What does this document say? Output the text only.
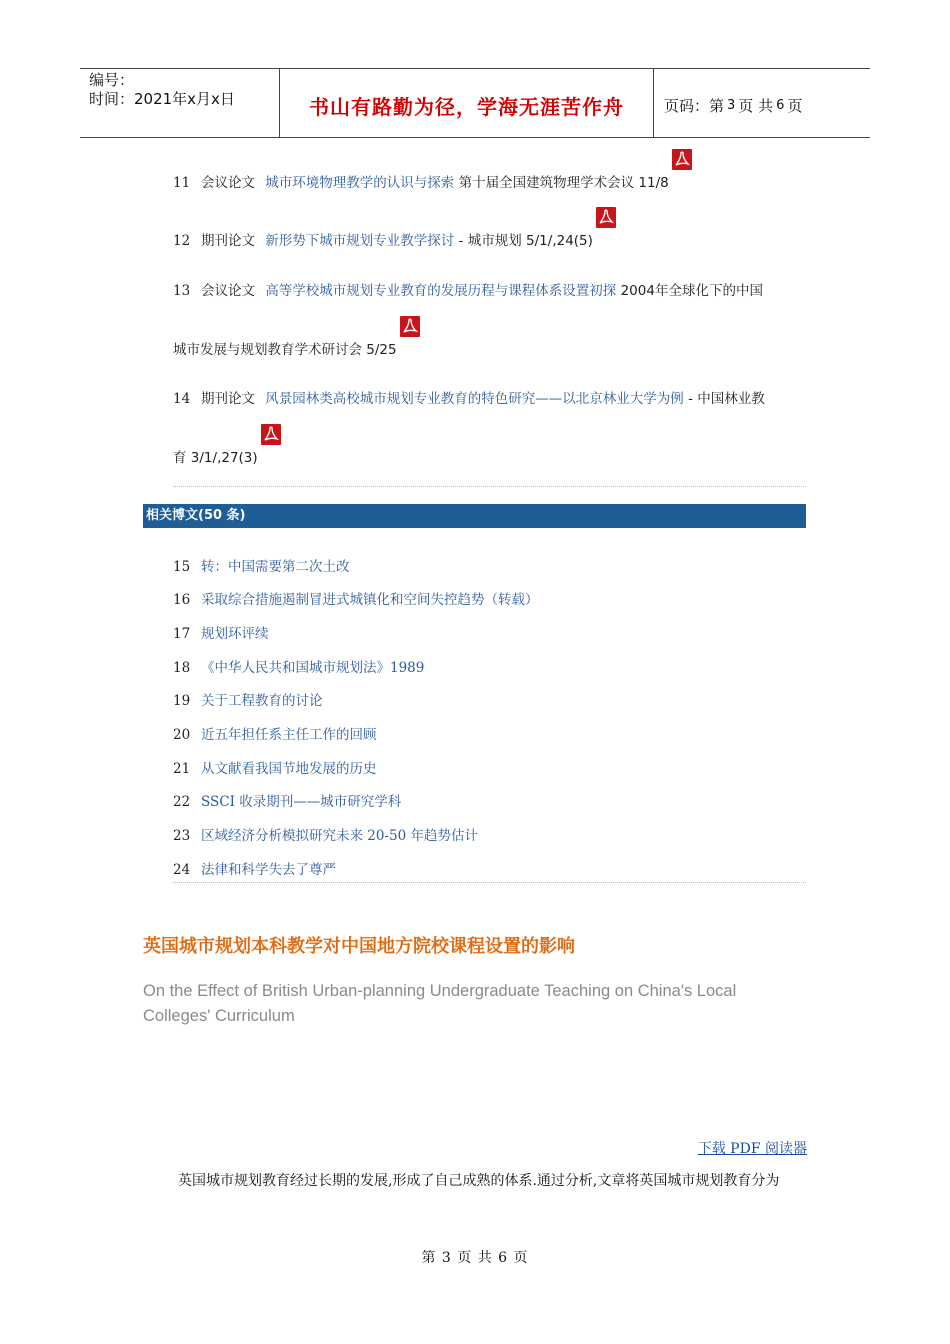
编号：
时间：2021年x月x日	书山有路勤为径，学海无涯苦作舟	页码：第 3 页 共 6 页
11 会议论文 城市环境物理教学的认识与探索 第十届全国建筑物理学术会议 11/8
12 期刊论文 新形势下城市规划专业教学探讨 - 城市规划 5/1/,24(5)
13 会议论文 高等学校城市规划专业教育的发展历程与课程体系设置初探 2004年全球化下的中国
城市发展与规划教育学术研讨会 5/25
14 期刊论文 风景园林类高校城市规划专业教育的特色研究——以北京林业大学为例 - 中国林业教
育 3/1/,27(3)
相关博文(50 条)
15 转：中国需要第二次土改
16 采取综合措施遏制冒进式城镇化和空间失控趋势（转载）
17 规划环评续
18 《中华人民共和国城市规划法》1989
19 关于工程教育的讨论
20 近五年担任系主任工作的回顾
21 从文献看我国节地发展的历史
22 SSCI 收录期刊——城市研究学科
23 区域经济分析模拟研究未来 20-50 年趋势估计
24 法律和科学失去了尊严
英国城市规划本科教学对中国地方院校课程设置的影响
On the Effect of British Urban-planning Undergraduate Teaching on China's Local Colleges' Curriculum
下载 PDF 阅读器
英国城市规划教育经过长期的发展,形成了自己成熟的体系.通过分析,文章将英国城市规划教育分为
第 3 页 共 6 页
